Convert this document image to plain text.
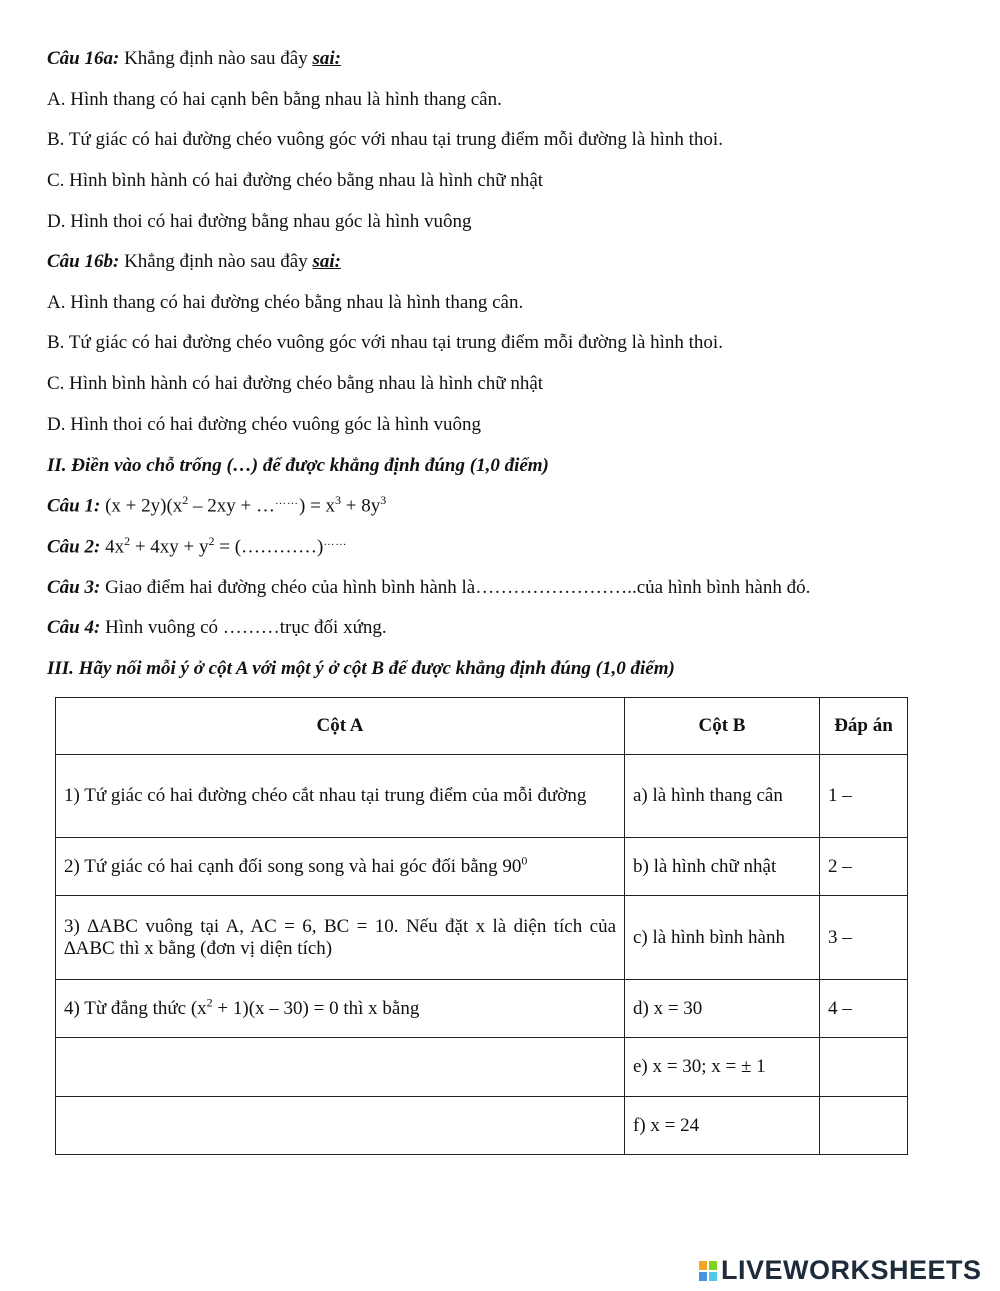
Câu 16a: Khẳng định nào sau đây sai:
A. Hình thang có hai cạnh bên bằng nhau là hình thang cân.
B. Tứ giác có hai đường chéo vuông góc với nhau tại trung điểm mỗi đường là hình thoi.
C. Hình bình hành có hai đường chéo bằng nhau là hình chữ nhật
D. Hình thoi có hai đường bằng nhau góc là hình vuông
Câu 16b: Khẳng định nào sau đây sai:
A. Hình thang có hai đường chéo bằng nhau là hình thang cân.
B. Tứ giác có hai đường chéo vuông góc với nhau tại trung điểm mỗi đường là hình thoi.
C. Hình bình hành có hai đường chéo bằng nhau là hình chữ nhật
D. Hình thoi có hai đường chéo vuông góc là hình vuông
II. Điền vào chỗ trống (…) để được khẳng định đúng (1,0 điểm)
Câu 1: $(x + 2y)(x^2 - 2xy$ + ………) = $x^3 + 8y^3$
Câu 2: $4x^2 + 4xy + y^2$ = (…………)……
Câu 3: Giao điểm hai đường chéo của hình bình hành là……………………..của hình bình hành đó.
Câu 4: Hình vuông có ………trục đối xứng.
III. Hãy nối mỗi ý ở cột A với một ý ở cột B để được khẳng định đúng (1,0 điểm)
Cột A	Cột B	Đáp án
1) Tứ giác có hai đường chéo cắt nhau tại trung điểm của mỗi đường	a) là hình thang cân	1 –
2) Tứ giác có hai cạnh đối song song và hai góc đối bằng $90^0$	b) là hình chữ nhật	2 –
3) ∆ABC vuông tại A, AC = 6, BC = 10. Nếu đặt x là diện tích của ∆ABC thì x bằng (đơn vị diện tích)	c) là hình bình hành	3 –
4) Từ đẳng thức $(x^2 + 1)(x - 30) = 0$ thì x bằng	d) x = 30	4 –
	e) x = 30; x = ± 1	
	f) x = 24	
LIVEWORKSHEETS
